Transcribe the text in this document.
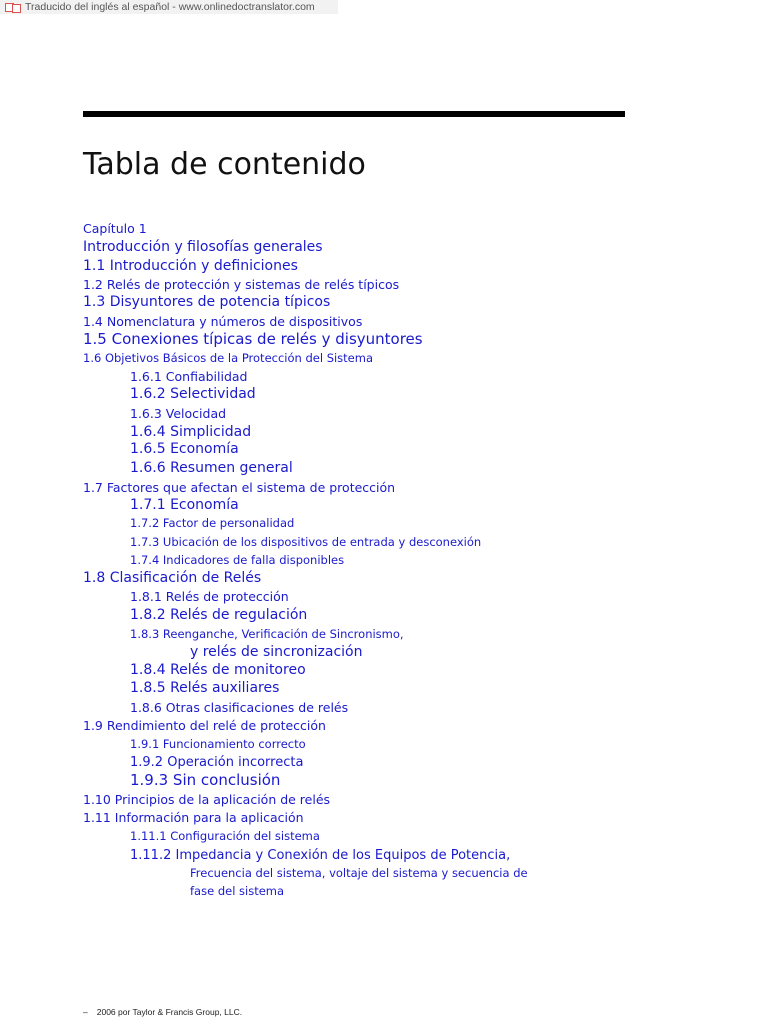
Traducido del inglés al español - www.onlinedoctranslator.com
Tabla de contenido
Capítulo 1
Introducción y filosofías generales
1.1 Introducción y definiciones
1.2 Relés de protección y sistemas de relés típicos
1.3 Disyuntores de potencia típicos
1.4 Nomenclatura y números de dispositivos
1.5 Conexiones típicas de relés y disyuntores
1.6 Objetivos Básicos de la Protección del Sistema
1.6.1 Confiabilidad
1.6.2 Selectividad
1.6.3 Velocidad
1.6.4 Simplicidad
1.6.5 Economía
1.6.6 Resumen general
1.7 Factores que afectan el sistema de protección
1.7.1 Economía
1.7.2 Factor de personalidad
1.7.3 Ubicación de los dispositivos de entrada y desconexión
1.7.4 Indicadores de falla disponibles
1.8 Clasificación de Relés
1.8.1 Relés de protección
1.8.2 Relés de regulación
1.8.3 Reenganche, Verificación de Sincronismo,
y relés de sincronización
1.8.4 Relés de monitoreo
1.8.5 Relés auxiliares
1.8.6 Otras clasificaciones de relés
1.9 Rendimiento del relé de protección
1.9.1 Funcionamiento correcto
1.9.2 Operación incorrecta
1.9.3 Sin conclusión
1.10 Principios de la aplicación de relés
1.11 Información para la aplicación
1.11.1 Configuración del sistema
1.11.2 Impedancia y Conexión de los Equipos de Potencia,
Frecuencia del sistema, voltaje del sistema y secuencia de
fase del sistema
– 2006 por Taylor & Francis Group, LLC.
